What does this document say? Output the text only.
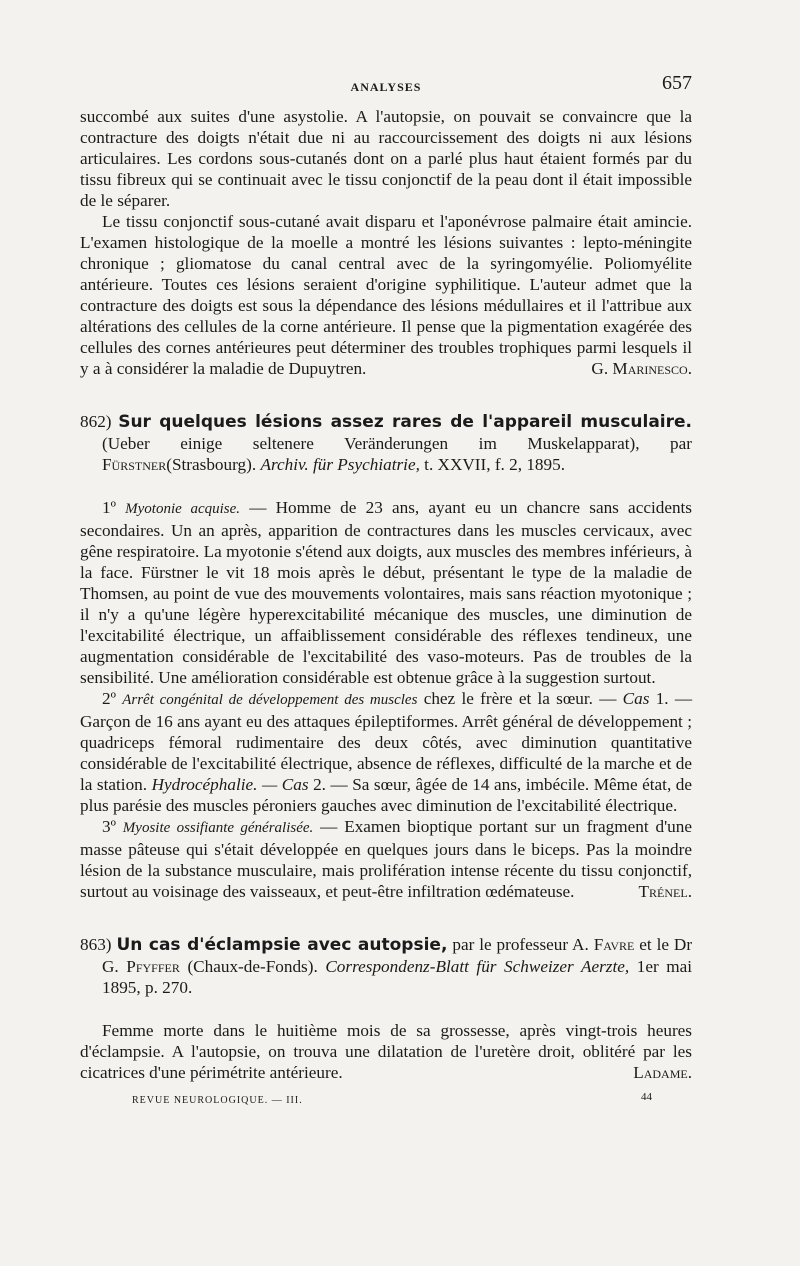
ANALYSES	657

succombé aux suites d'une asystolie. A l'autopsie, on pouvait se convaincre que la contracture des doigts n'était due ni au raccourcissement des doigts ni aux lésions articulaires. Les cordons sous-cutanés dont on a parlé plus haut étaient formés par du tissu fibreux qui se continuait avec le tissu conjonctif de la peau dont il était impossible de le séparer.

Le tissu conjonctif sous-cutané avait disparu et l'aponévrose palmaire était amincie. L'examen histologique de la moelle a montré les lésions suivantes : lepto-méningite chronique ; gliomatose du canal central avec de la syringomyélie. Poliomyélite antérieure. Toutes ces lésions seraient d'origine syphilitique. L'auteur admet que la contracture des doigts est sous la dépendance des lésions médullaires et il l'attribue aux altérations des cellules de la corne antérieure. Il pense que la pigmentation exagérée des cellules des cornes antérieures peut déterminer des troubles trophiques parmi lesquels il y a à considérer la maladie de Dupuytren.	G. Marinesco.

862) Sur quelques lésions assez rares de l'appareil musculaire. (Ueber einige seltenere Veränderungen im Muskelapparat), par Fürstner(Strasbourg). Archiv. für Psychiatrie, t. XXVII, f. 2, 1895.

1º Myotonie acquise. — Homme de 23 ans, ayant eu un chancre sans accidents secondaires. Un an après, apparition de contractures dans les muscles cervicaux, avec gêne respiratoire. La myotonie s'étend aux doigts, aux muscles des membres inférieurs, à la face. Fürstner le vit 18 mois après le début, présentant le type de la maladie de Thomsen, au point de vue des mouvements volontaires, mais sans réaction myotonique ; il n'y a qu'une légère hyperexcitabilité mécanique des muscles, une diminution de l'excitabilité électrique, un affaiblissement considérable des réflexes tendineux, une augmentation considérable de l'excitabilité des vaso-moteurs. Pas de troubles de la sensibilité. Une amélioration considérable est obtenue grâce à la suggestion surtout.

2º Arrêt congénital de développement des muscles chez le frère et la sœur. — Cas 1. — Garçon de 16 ans ayant eu des attaques épileptiformes. Arrêt général de développement ; quadriceps fémoral rudimentaire des deux côtés, avec diminution quantitative considérable de l'excitabilité électrique, absence de réflexes, difficulté de la marche et de la station. Hydrocéphalie. — Cas 2. — Sa sœur, âgée de 14 ans, imbécile. Même état, de plus parésie des muscles péroniers gauches avec diminution de l'excitabilité électrique.

3º Myosite ossifiante généralisée. — Examen bioptique portant sur un fragment d'une masse pâteuse qui s'était développée en quelques jours dans le biceps. Pas la moindre lésion de la substance musculaire, mais prolifération intense récente du tissu conjonctif, surtout au voisinage des vaisseaux, et peut-être infiltration œdémateuse.	Trénel.

863) Un cas d'éclampsie avec autopsie, par le professeur A. Favre et le Dr G. Pfyffer (Chaux-de-Fonds). Correspondenz-Blatt für Schweizer Aerzte, 1er mai 1895, p. 270.

Femme morte dans le huitième mois de sa grossesse, après vingt-trois heures d'éclampsie. A l'autopsie, on trouva une dilatation de l'uretère droit, oblitéré par les cicatrices d'une périmétrite antérieure.	Ladame.

REVUE NEUROLOGIQUE. — III.	44
